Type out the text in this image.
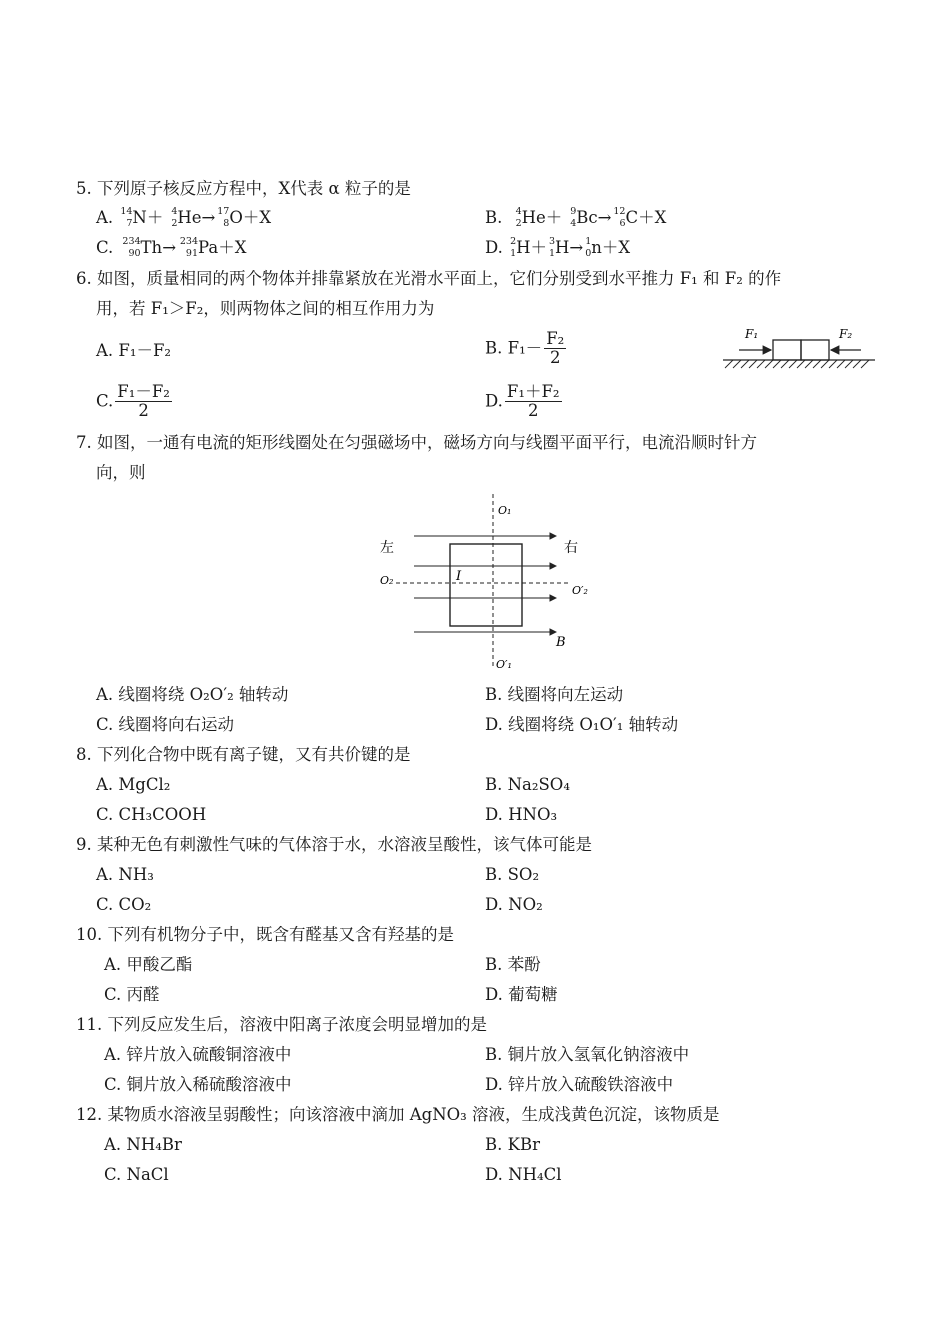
5. 下列原子核反应方程中，X代表 α 粒子的是
A. 14
7 N＋ 4
2 He→ 17
8 O＋X	B. 4
2 He＋ 9
4 Bc→ 12
6 C＋X
C. 234
90 Th→ 234
91 Pa＋X	D. 2
1 H＋ 3
1 H→ 1
0 n＋X
6. 如图，质量相同的两个物体并排靠紧放在光滑水平面上，它们分别受到水平推力 F₁ 和 F₂ 的作
用，若 F₁＞F₂，则两物体之间的相互作用力为
A. F₁－F₂	B. $F_1- \frac{\text{F₂}}{2}$
C. $\frac{\text{F₁－F₂}}{2}$	D. $\frac{\text{F₁＋F₂}}{2}$
F₁	F₂
7. 如图，一通有电流的矩形线圈处在匀强磁场中，磁场方向与线圈平面平行，电流沿顺时针方
向，则
左	右
O₁
O′₁
O₂
O′₂
I
B
A. 线圈将绕 O₂O′₂ 轴转动	B. 线圈将向左运动
C. 线圈将向右运动	D. 线圈将绕 O₁O′₁ 轴转动
8. 下列化合物中既有离子键，又有共价键的是
A. MgCl₂	B. Na₂SO₄
C. CH₃COOH	D. HNO₃
9. 某种无色有刺激性气味的气体溶于水，水溶液呈酸性，该气体可能是
A. NH₃	B. SO₂
C. CO₂	D. NO₂
10. 下列有机物分子中，既含有醛基又含有羟基的是
A. 甲酸乙酯	B. 苯酚
C. 丙醛	D. 葡萄糖
11. 下列反应发生后，溶液中阳离子浓度会明显增加的是
A. 锌片放入硫酸铜溶液中	B. 铜片放入氢氧化钠溶液中
C. 铜片放入稀硫酸溶液中	D. 锌片放入硫酸铁溶液中
12. 某物质水溶液呈弱酸性；向该溶液中滴加 AgNO₃ 溶液，生成浅黄色沉淀，该物质是
A. NH₄Br	B. KBr
C. NaCl	D. NH₄Cl
